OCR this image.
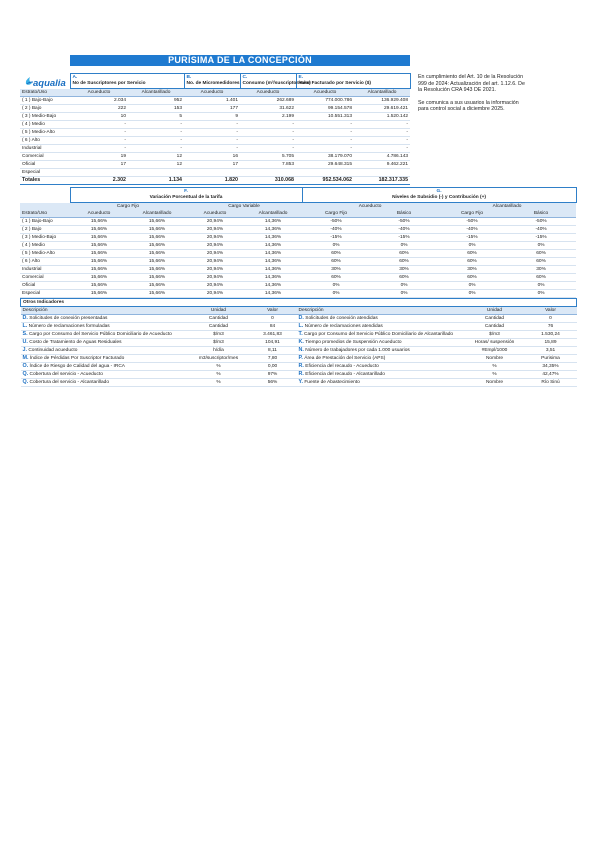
PURÍSIMA DE LA CONCEPCIÓN
aqualia

En cumplimiento del Art. 10 de la Resolución 999 de 2024: Actualización del art. 1.12.6. De la Resolución CRA 943 DE 2021.

Se comunica a sus usuarios la información para control social a diciembre 2025.

	A.
No de Suscriptores por Servicio		B.
No. de Micromedidores	C.
Consumo (m³/suscriptor/mes)	E.
Valor Facturado por Servicio ($)	
Estrato/Uso	Acueducto	Alcantarillado	Acueducto	Acueducto	Acueducto	Alcantarillado
( 1 ) Bajo-Bajo	2.034	952	1.401	262.689	774.000.786	136.929.408
( 2 ) Bajo	222	153	177	31.622	99.154.578	29.619.421
( 3 ) Medio-Bajo	10	5	9	2.199	10.551.313	1.520.142
( 4 ) Medio	-	-	-	-	-	-
( 5 ) Medio-Alto	-	-	-	-	-	-
( 6 ) Alto	-	-	-	-	-	-
Industrial	-	-	-	-	-	-
Comercial	19	12	16	5.705	38.179.070	4.786.143
Oficial	17	12	17	7.853	29.648.315	9.462.221
Especial						
Totales	2.302	1.134	1.820	310.068	952.534.062	182.317.335
	F.
Variación Porcentual de la tarifa				G.
Niveles de Subsidio (-) y Contribución (+)			
	Cargo Fijo		Cargo Variable		Acueducto		Alcantarillado	
Estrato/Uso	Acueducto	Alcantarillado	Acueducto	Alcantarillado	Cargo Fijo	Básico	Cargo Fijo	Básico
( 1 ) Bajo-Bajo	15,66%	15,66%	20,94%	14,36%	-50%	-50%	-50%	-50%
( 2 ) Bajo	15,66%	15,66%	20,94%	14,36%	-40%	-40%	-40%	-40%
( 3 ) Medio-Bajo	15,66%	15,66%	20,94%	14,36%	-15%	-15%	-15%	-15%
( 4 ) Medio	15,66%	15,66%	20,94%	14,36%	0%	0%	0%	0%
( 5 ) Medio-Alto	15,66%	15,66%	20,94%	14,36%	60%	60%	60%	60%
( 6 ) Alto	15,66%	15,66%	20,94%	14,36%	60%	60%	60%	60%
Industrial	15,66%	15,66%	20,94%	14,36%	30%	30%	30%	30%
Comercial	15,66%	15,66%	20,94%	14,36%	60%	60%	60%	60%
Oficial	15,66%	15,66%	20,94%	14,36%	0%	0%	0%	0%
Especial	15,66%	15,66%	20,94%	14,36%	0%	0%	0%	0%
Otros Indicadores					
Descripción	Unidad	Valor	Descripción	Unidad	Valor
D. Solicitudes de conexión presentadas	Cantidad	0	D. Solicitudes de conexión atendidas	Cantidad	0
L. Número de reclamaciones formuladas	Cantidad	84	L. Número de reclamaciones atendidas	Cantidad	76
S. Cargo por Consumo del Servicio Público Domiciliario de Acueducto	$/m3	3.461,83	T. Cargo por Consumo del Servicio Público Domiciliario de Alcantarillado	$/m3	1.530,24
U. Costo de Tratamiento de Aguas Residuales	$/m3	104,91	K. Tiempo promedios de Suspensión Acueducto	Horas/ suspensión	15,89
J. Continuidad acueducto	h/día	8,11	N. Número de trabajadores por cada 1.000 usuarios	#Empl/1000	3,51
M. Índice de Pérdidas Por Suscriptor Facturado	m3/suscriptor/mes	7,80	P. Área de Prestación del Servicio (APS)	Nombre	Purisima
O. Índice de Riesgo de Calidad del agua - IRCA	%	0,00	R. Eficiencia del recaudo - Acueducto	%	34,35%
Q. Cobertura del servicio - Acueducto	%	97%	R. Eficiencia del recaudo - Alcantarillado	%	42,47%
Q. Cobertura del servicio - Alcantarillado	%	56%	Y. Fuente de Abastecimiento	Nombre	Río Sinú
